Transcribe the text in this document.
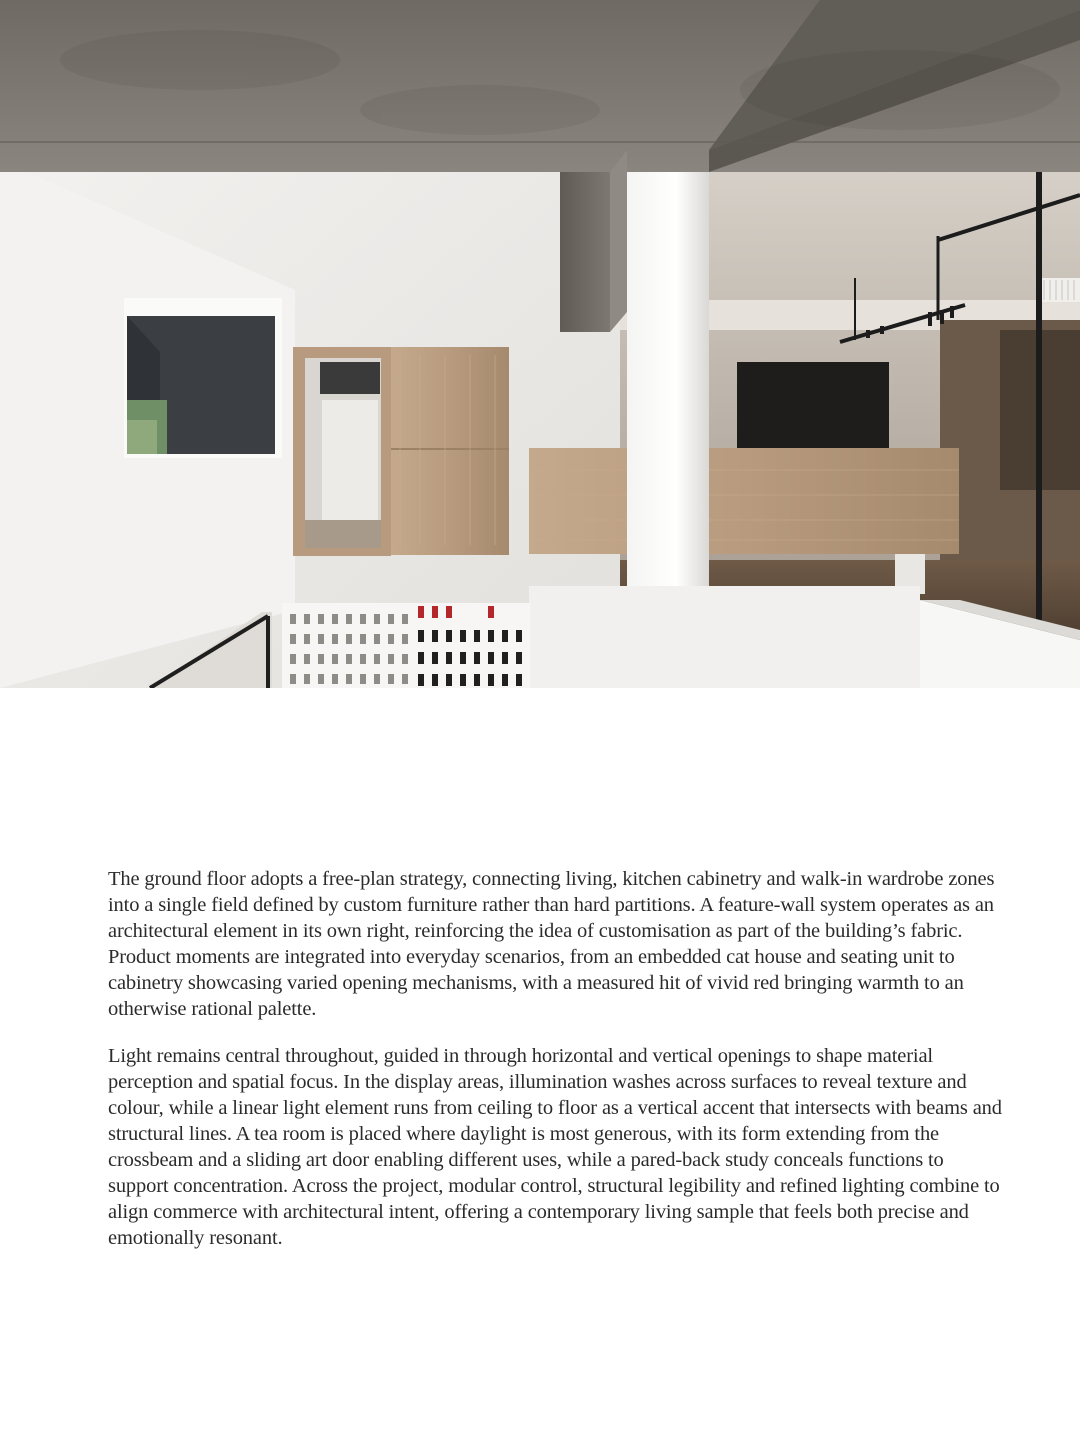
The ground floor adopts a free-plan strategy, connecting living, kitchen cabinetry and walk-in wardrobe zones into a single field defined by custom furniture rather than hard partitions. A feature-wall system operates as an architectural element in its own right, reinforcing the idea of customisation as part of the building’s fabric. Product moments are integrated into everyday scenarios, from an embedded cat house and seating unit to cabinetry showcasing varied opening mechanisms, with a measured hit of vivid red bringing warmth to an otherwise rational palette.

Light remains central throughout, guided in through horizontal and vertical openings to shape material perception and spatial focus. In the display areas, illumination washes across surfaces to reveal texture and colour, while a linear light element runs from ceiling to floor as a vertical accent that intersects with beams and structural lines. A tea room is placed where daylight is most generous, with its form extending from the crossbeam and a sliding art door enabling different uses, while a pared-back study conceals functions to support concentration. Across the project, modular control, structural legibility and refined lighting combine to align commerce with architectural intent, offering a contemporary living sample that feels both precise and emotionally resonant.
